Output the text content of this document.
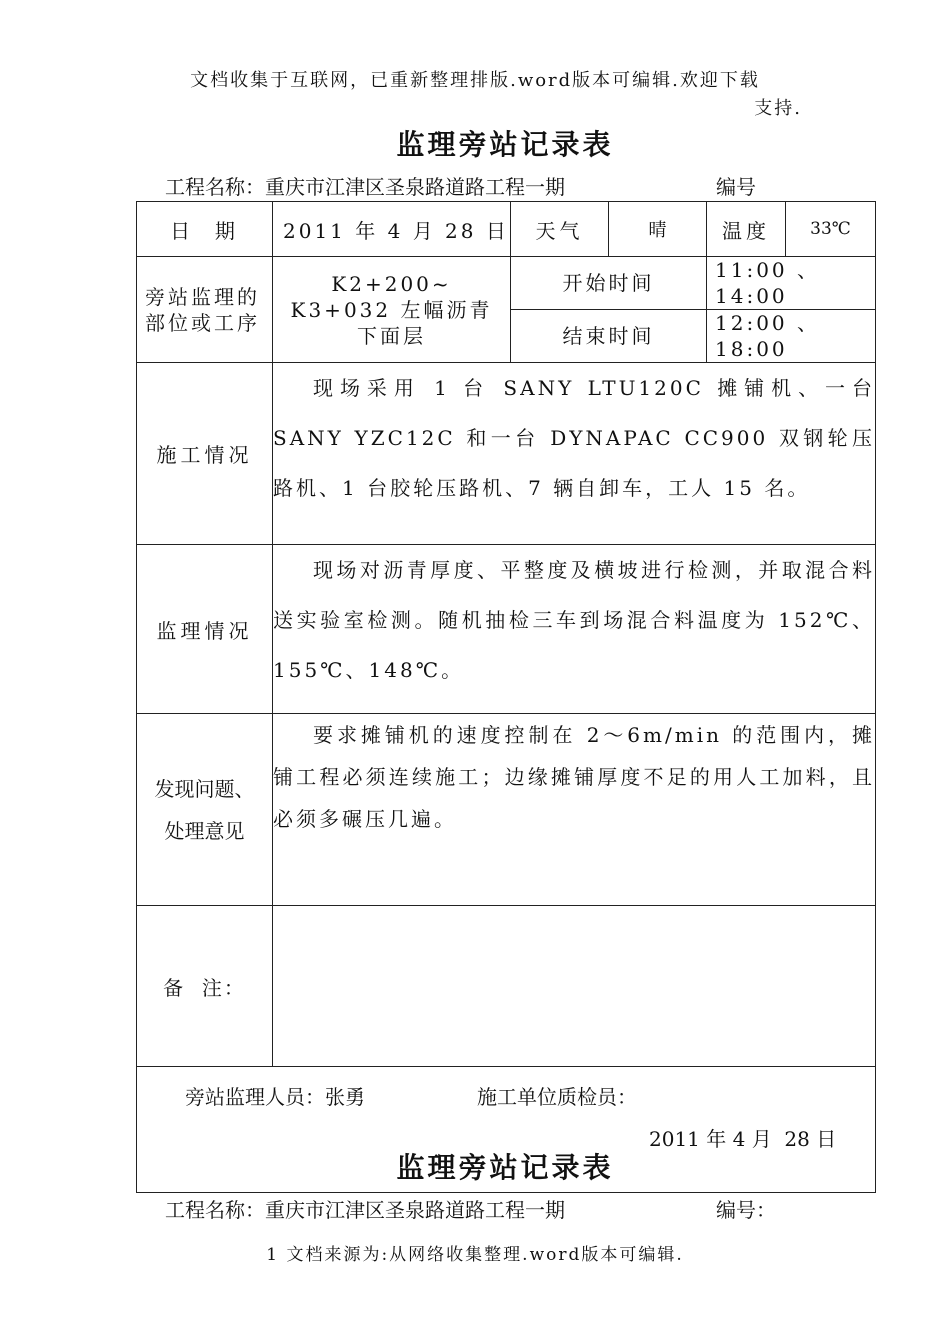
文档收集于互联网，已重新整理排版.word版本可编辑.欢迎下载
支持.
监理旁站记录表
工程名称：重庆市江津区圣泉路道路工程一期	编号
日  期	2011 年 4 月 28 日	天气	晴	温度	33℃
旁站监理的部位或工序	K2+200~ K3+032 左幅沥青下面层	开始时间		11:00 、14:00	
		结束时间		12:00 、18:00	
施工情况	现场采用 1 台 SANY LTU120C 摊铺机、一台 SANY YZC12C 和一台 DYNAPAC CC900 双钢轮压路机、1 台胶轮压路机、7 辆自卸车，工人 15 名。				

监理情况	现场对沥青厚度、平整度及横坡进行检测，并取混合料送实验室检测。随机抽检三车到场混合料温度为 152℃、155℃、148℃。				

发现问题、
处理意见	要求摊铺机的速度控制在 2～6m/min 的范围内，摊铺工程必须连续施工；边缘摊铺厚度不足的用人工加料，且必须多碾压几遍。				

备  注：					

旁站监理人员：张勇 施工单位质检员：
2011 年 4 月  28 日					
监理旁站记录表
工程名称：重庆市江津区圣泉路道路工程一期	编号：
1 文档来源为:从网络收集整理.word版本可编辑.
